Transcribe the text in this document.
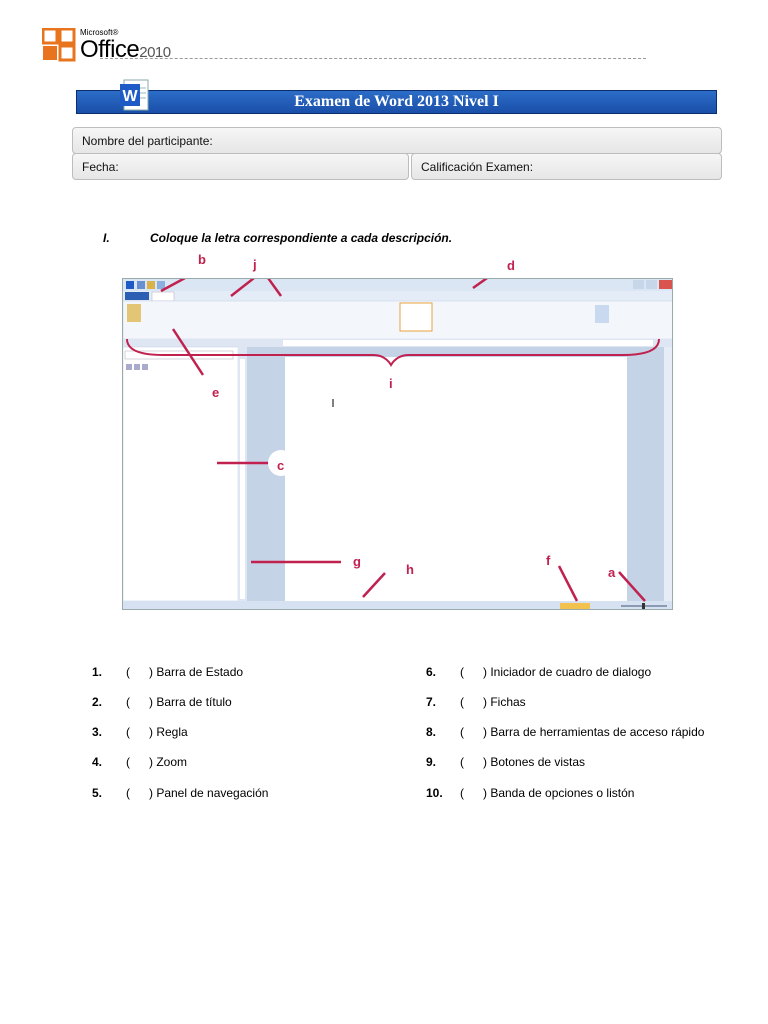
Microsoft®
Office2010
Examen de Word 2013 Nivel I
W
Nombre del participante:
Fecha:	Calificación Examen:
I.	Coloque la letra correspondiente a cada descripción.
b	j	d
e
i
c
g
h
f
a
1. ( ) Barra de Estado
2. ( ) Barra de título
3. ( ) Regla
4. ( ) Zoom
5. ( ) Panel de navegación
6. ( ) Iniciador de cuadro de dialogo
7. ( ) Fichas
8. ( ) Barra de herramientas de acceso rápido
9. ( ) Botones de vistas
10. ( ) Banda de opciones o listón
